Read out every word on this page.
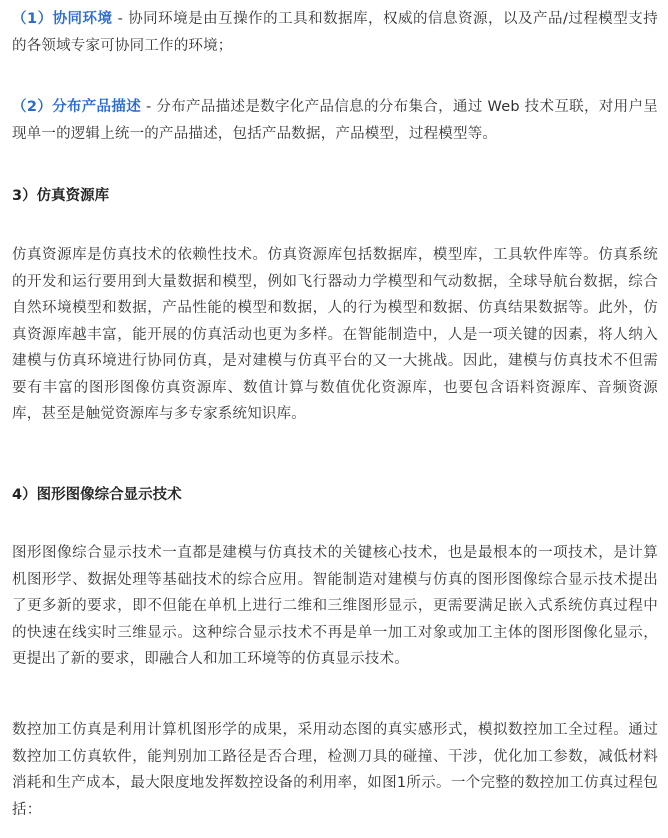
（1）协同环境 - 协同环境是由互操作的工具和数据库，权威的信息资源，以及产品/过程模型支持的各领域专家可协同工作的环境；
（2）分布产品描述 - 分布产品描述是数字化产品信息的分布集合，通过 Web 技术互联，对用户呈现单一的逻辑上统一的产品描述，包括产品数据，产品模型，过程模型等。
3）仿真资源库
仿真资源库是仿真技术的依赖性技术。仿真资源库包括数据库，模型库，工具软件库等。仿真系统的开发和运行要用到大量数据和模型，例如飞行器动力学模型和气动数据，全球导航台数据，综合自然环境模型和数据，产品性能的模型和数据，人的行为模型和数据、仿真结果数据等。此外，仿真资源库越丰富，能开展的仿真活动也更为多样。在智能制造中，人是一项关键的因素，将人纳入建模与仿真环境进行协同仿真，是对建模与仿真平台的又一大挑战。因此，建模与仿真技术不但需要有丰富的图形图像仿真资源库、数值计算与数值优化资源库，也要包含语料资源库、音频资源库，甚至是触觉资源库与多专家系统知识库。
4）图形图像综合显示技术
图形图像综合显示技术一直都是建模与仿真技术的关键核心技术，也是最根本的一项技术，是计算机图形学、数据处理等基础技术的综合应用。智能制造对建模与仿真的图形图像综合显示技术提出了更多新的要求，即不但能在单机上进行二维和三维图形显示，更需要满足嵌入式系统仿真过程中的快速在线实时三维显示。这种综合显示技术不再是单一加工对象或加工主体的图形图像化显示，更提出了新的要求，即融合人和加工环境等的仿真显示技术。
数控加工仿真是利用计算机图形学的成果，采用动态图的真实感形式，模拟数控加工全过程。通过数控加工仿真软件，能判别加工路径是否合理，检测刀具的碰撞、干涉，优化加工参数，减低材料消耗和生产成本，最大限度地发挥数控设备的利用率，如图1所示。一个完整的数控加工仿真过程包括：
